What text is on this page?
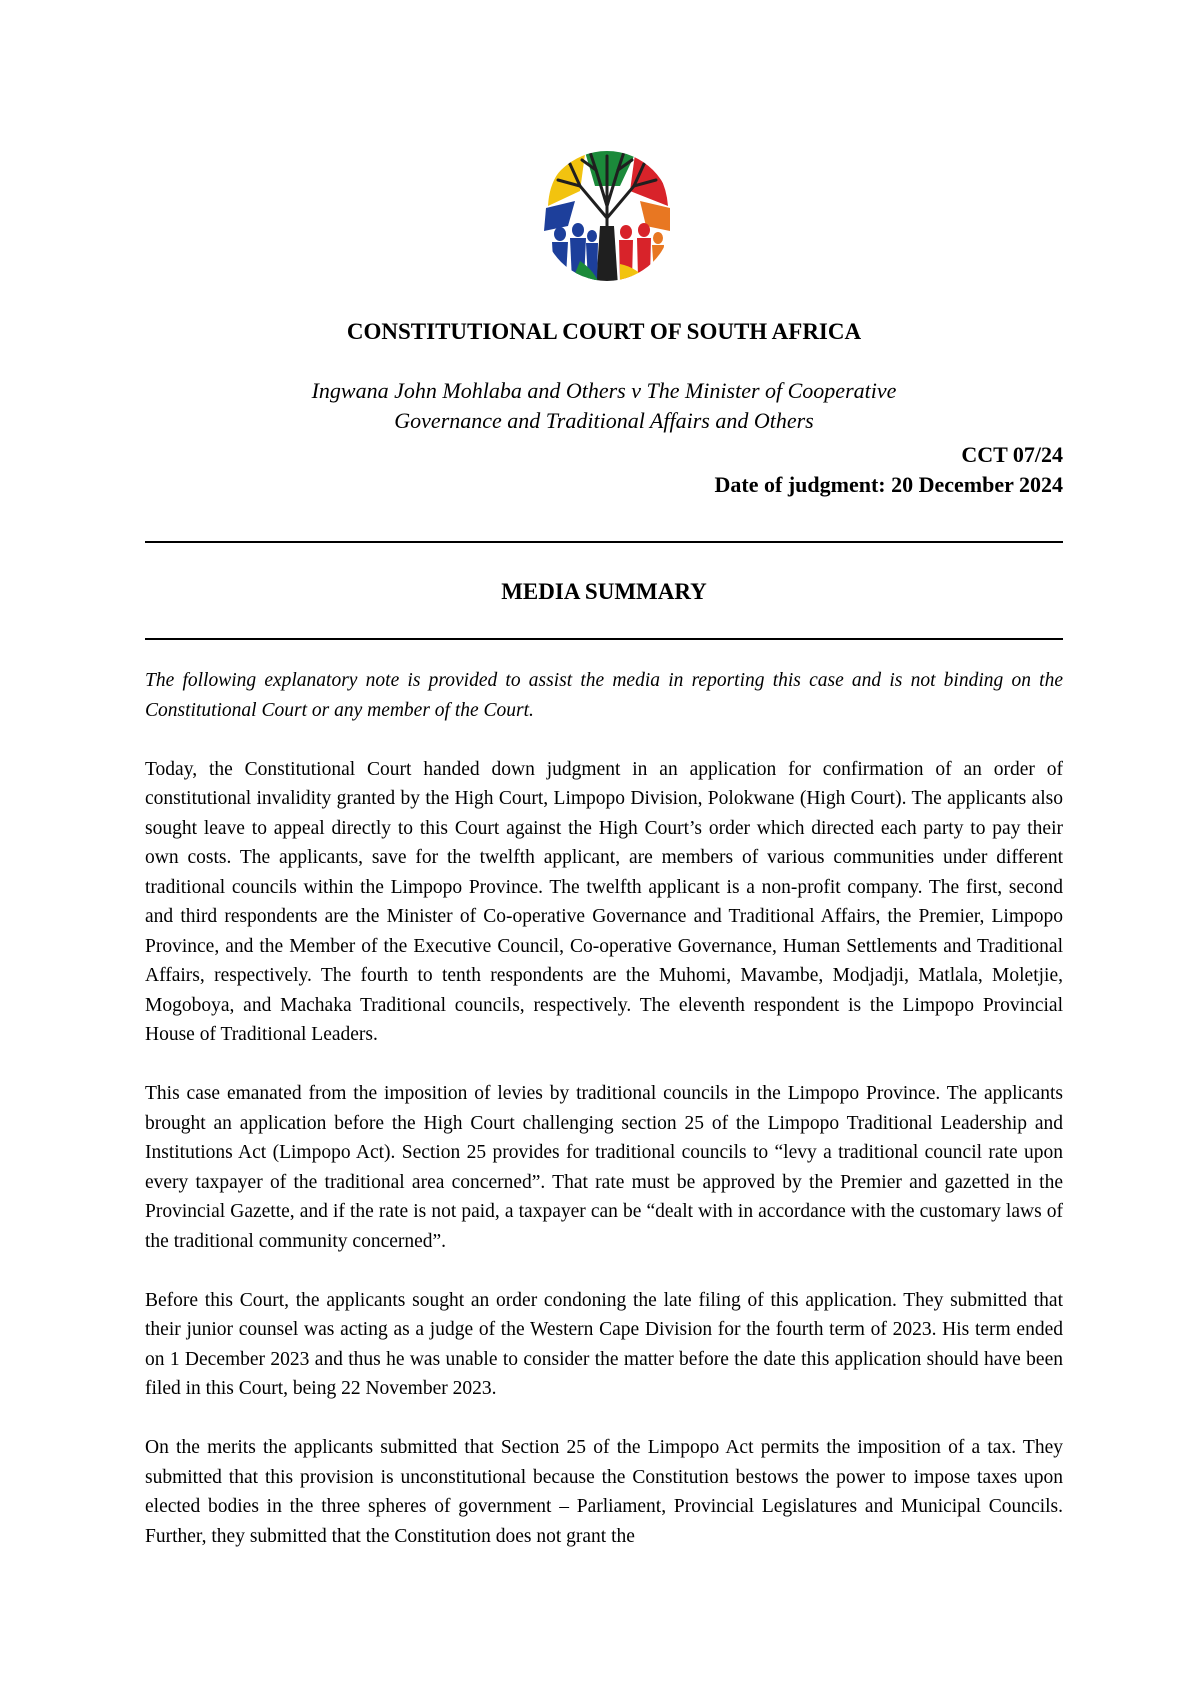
CONSTITUTIONAL COURT OF SOUTH AFRICA
Ingwana John Mohlaba and Others v The Minister of Cooperative
Governance and Traditional Affairs and Others
CCT 07/24
Date of judgment: 20 December 2024
MEDIA SUMMARY

The following explanatory note is provided to assist the media in reporting this case and is not binding on the Constitutional Court or any member of the Court.

Today, the Constitutional Court handed down judgment in an application for confirmation of an order of constitutional invalidity granted by the High Court, Limpopo Division, Polokwane (High Court). The applicants also sought leave to appeal directly to this Court against the High Court’s order which directed each party to pay their own costs. The applicants, save for the twelfth applicant, are members of various communities under different traditional councils within the Limpopo Province. The twelfth applicant is a non-profit company. The first, second and third respondents are the Minister of Co-operative Governance and Traditional Affairs, the Premier, Limpopo Province, and the Member of the Executive Council, Co-operative Governance, Human Settlements and Traditional Affairs, respectively. The fourth to tenth respondents are the Muhomi, Mavambe, Modjadji, Matlala, Moletjie, Mogoboya, and Machaka Traditional councils, respectively. The eleventh respondent is the Limpopo Provincial House of Traditional Leaders.

This case emanated from the imposition of levies by traditional councils in the Limpopo Province. The applicants brought an application before the High Court challenging section 25 of the Limpopo Traditional Leadership and Institutions Act (Limpopo Act). Section 25 provides for traditional councils to “levy a traditional council rate upon every taxpayer of the traditional area concerned”. That rate must be approved by the Premier and gazetted in the Provincial Gazette, and if the rate is not paid, a taxpayer can be “dealt with in accordance with the customary laws of the traditional community concerned”.

Before this Court, the applicants sought an order condoning the late filing of this application. They submitted that their junior counsel was acting as a judge of the Western Cape Division for the fourth term of 2023. His term ended on 1 December 2023 and thus he was unable to consider the matter before the date this application should have been filed in this Court, being 22 November 2023.

On the merits the applicants submitted that Section 25 of the Limpopo Act permits the imposition of a tax. They submitted that this provision is unconstitutional because the Constitution bestows the power to impose taxes upon elected bodies in the three spheres of government – Parliament, Provincial Legislatures and Municipal Councils. Further, they submitted that the Constitution does not grant the
